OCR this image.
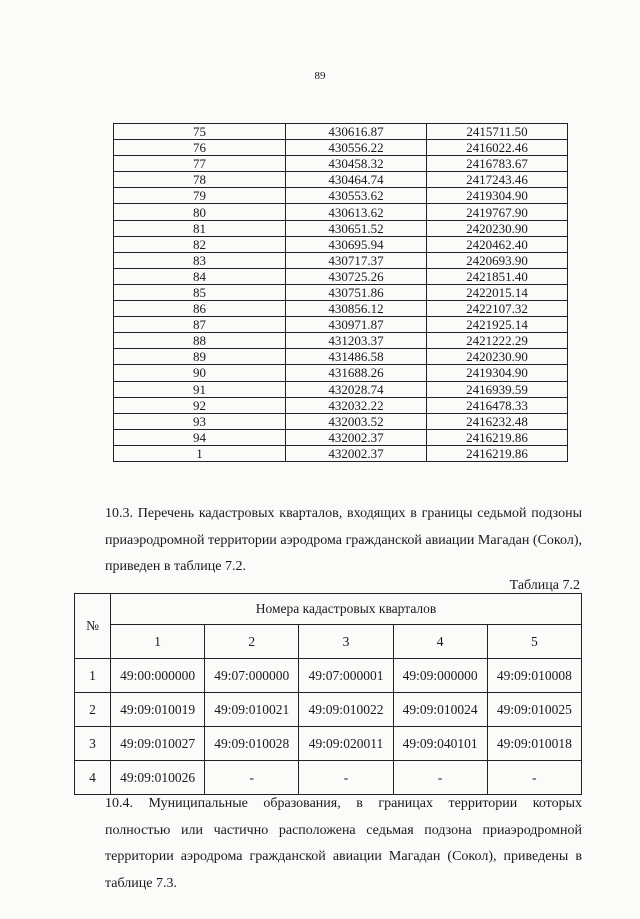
89
75	430616.87	2415711.50
76	430556.22	2416022.46
77	430458.32	2416783.67
78	430464.74	2417243.46
79	430553.62	2419304.90
80	430613.62	2419767.90
81	430651.52	2420230.90
82	430695.94	2420462.40
83	430717.37	2420693.90
84	430725.26	2421851.40
85	430751.86	2422015.14
86	430856.12	2422107.32
87	430971.87	2421925.14
88	431203.37	2421222.29
89	431486.58	2420230.90
90	431688.26	2419304.90
91	432028.74	2416939.59
92	432032.22	2416478.33
93	432003.52	2416232.48
94	432002.37	2416219.86
1	432002.37	2416219.86

10.3. Перечень кадастровых кварталов, входящих в границы седьмой подзоны
приаэродромной территории аэродрома гражданской авиации Магадан (Сокол),
приведен в таблице 7.2.

Таблица 7.2
№	Номера кадастровых кварталов				
	1	2	3	4	5
1	49:00:000000	49:07:000000	49:07:000001	49:09:000000	49:09:010008
2	49:09:010019	49:09:010021	49:09:010022	49:09:010024	49:09:010025
3	49:09:010027	49:09:010028	49:09:020011	49:09:040101	49:09:010018
4	49:09:010026	-	-	-	-

10.4. Муниципальные образования, в границах территории которых
полностью или частично расположена седьмая подзона приаэродромной
территории аэродрома гражданской авиации Магадан (Сокол), приведены в
таблице 7.3.
